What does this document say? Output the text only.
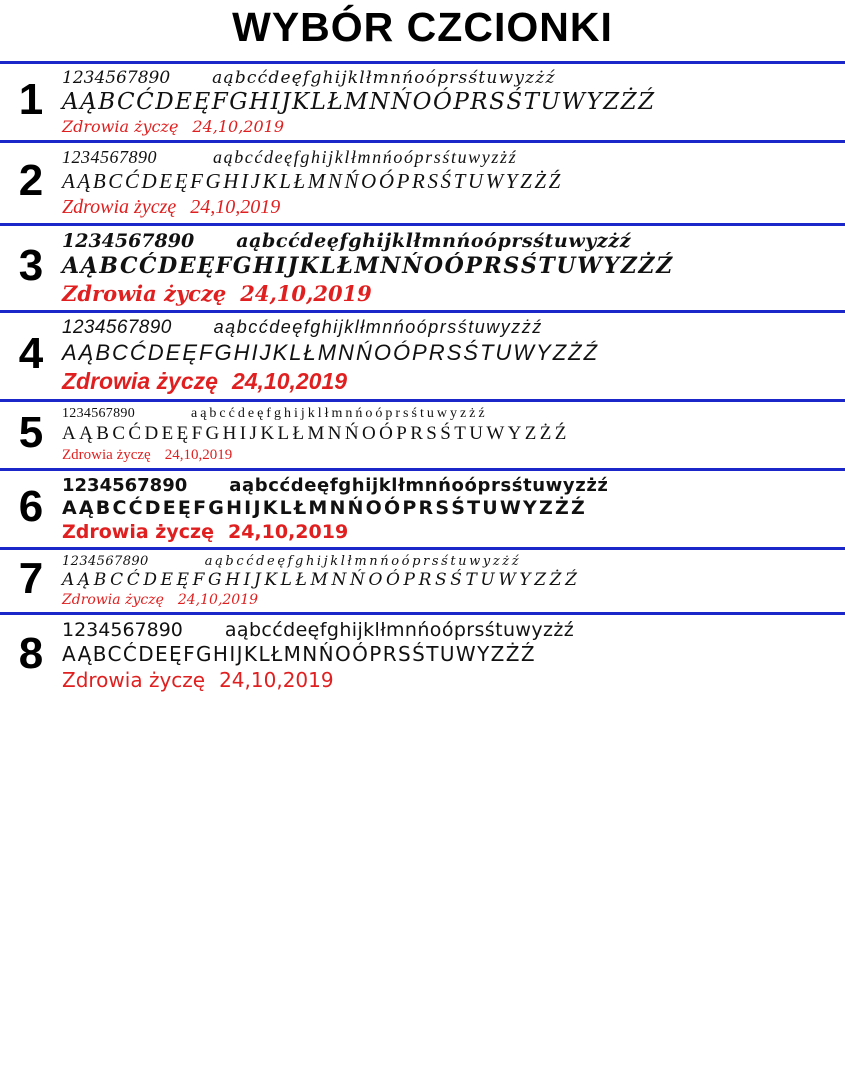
WYBÓR CZCIONKI
1	1234567890 aąbcćdeęfghijklłmnńoóprsśtuwyzżź
AĄBCĆDEĘFGHIJKLŁMNŃOÓPRSŚTUWYZŻŹ
Zdrowia życzę 24,10,2019
2	1234567890	aąbcćdeęfghijklłmnńoóprsśtuwyzżź
AĄBCĆDEĘFGHIJKLŁMNŃOÓPRSŚTUWYZŻŹ
Zdrowia życzę 24,10,2019
3 1234567890 aąbcćdeęfghijklłmnńoóprsśtuwyzżź
AĄBCĆDEĘFGHIJKLŁMNŃOÓPRSŚTUWYZŻŹ
Zdrowia życzę 24,10,2019
4
1234567890 aąbcćdeęfghijklłmnńoóprsśtuwyzżź
AĄBCĆDEĘFGHIJKLŁMNŃOÓPRSŚTUWYZŻŹ
Zdrowia życzę 24,10,2019
5	1234567890	aąbcćdeęfghijklłmnńoóprsśtuwyzżź
AĄBCĆDEĘFGHIJKLŁMNŃOÓPRSŚTUWYZŻŹ
Zdrowia życzę 24,10,2019
6	1234567890 aąbcćdeęfghijklłmnńoóprsśtuwyzżź
AĄBCĆDEĘFGHIJKLŁMNŃOÓPRSŚTUWYZŻŹ
Zdrowia życzę 24,10,2019
7	1234567890	aąbcćdeęfghijklłmnńoóprsśtuwyzżź
AĄBCĆDEĘFGHIJKLŁMNŃOÓPRSŚTUWYZŻŹ
Zdrowia życzę 24,10,2019
8 1234567890 aąbcćdeęfghijklłmnńoóprsśtuwyzżź
AĄBCĆDEĘFGHIJKLŁMNŃOÓPRSŚTUWYZŻŹ
Zdrowia życzę 24,10,2019
